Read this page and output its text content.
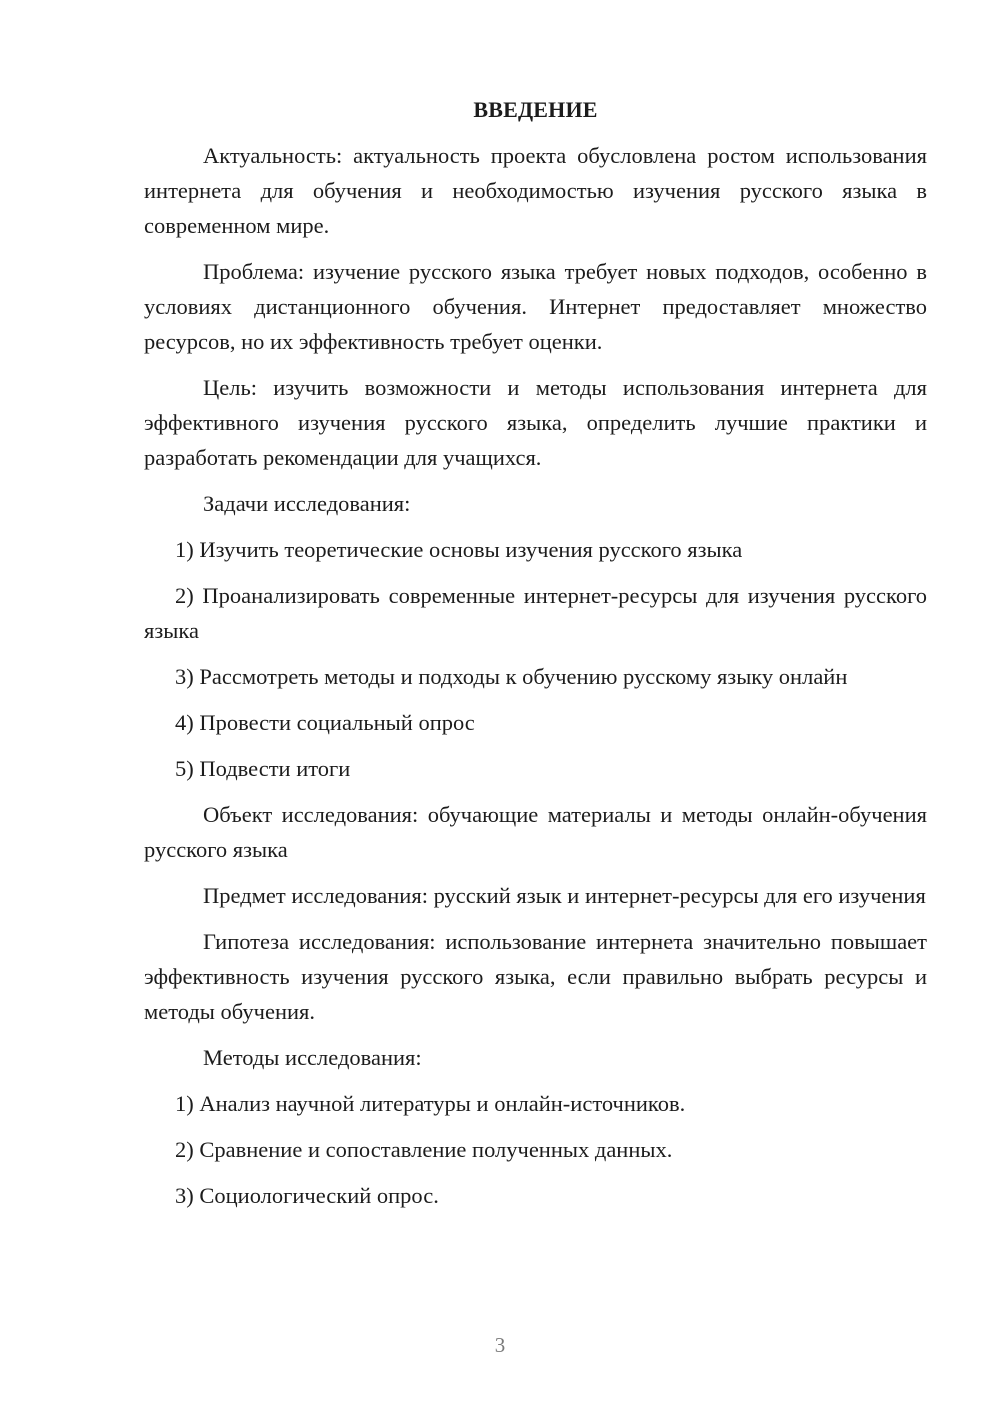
ВВЕДЕНИЕ

Актуальность: актуальность проекта обусловлена ростом использования интернета для обучения и необходимостью изучения русского языка в современном мире.

Проблема: изучение русского языка требует новых подходов, особенно в условиях дистанционного обучения. Интернет предоставляет множество ресурсов, но их эффективность требует оценки.

Цель: изучить возможности и методы использования интернета для эффективного изучения русского языка, определить лучшие практики и разработать рекомендации для учащихся.

Задачи исследования:

1) Изучить теоретические основы изучения русского языка

2) Проанализировать современные интернет-ресурсы для изучения русского языка

3) Рассмотреть методы и подходы к обучению русскому языку онлайн

4) Провести социальный опрос

5) Подвести итоги

Объект исследования: обучающие материалы и методы онлайн-обучения русского языка

Предмет исследования: русский язык и интернет-ресурсы для его изучения

Гипотеза исследования: использование интернета значительно повышает эффективность изучения русского языка, если правильно выбрать ресурсы и методы обучения.

Методы исследования:

1) Анализ научной литературы и онлайн-источников.

2) Сравнение и сопоставление полученных данных.

3) Социологический опрос.

3
